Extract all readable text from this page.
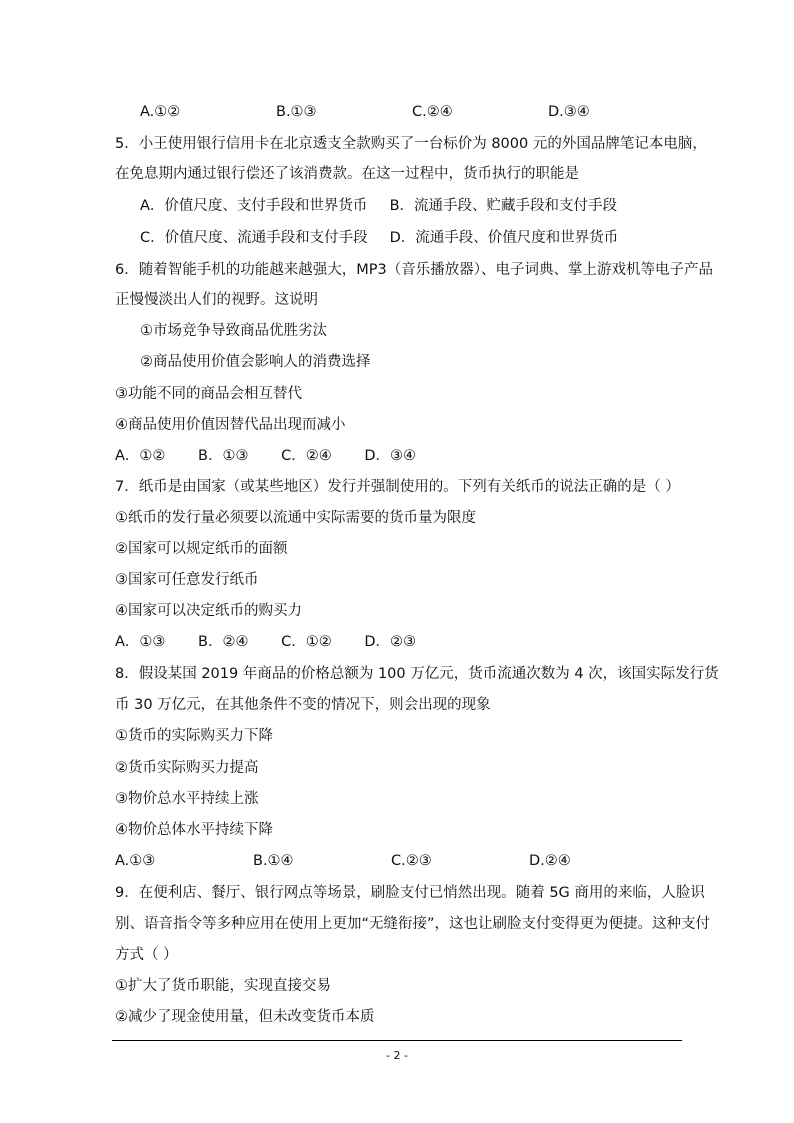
A.①②	B.①③	C.②④	D.③④
5．小王使用银行信用卡在北京透支全款购买了一台标价为 8000 元的外国品牌笔记本电脑，
在免息期内通过银行偿还了该消费款。在这一过程中，货币执行的职能是
A．价值尺度、支付手段和世界货币 B．流通手段、贮藏手段和支付手段
C．价值尺度、流通手段和支付手段 D．流通手段、价值尺度和世界货币
6．随着智能手机的功能越来越强大，MP3（音乐播放器）、电子词典、掌上游戏机等电子产品
正慢慢淡出人们的视野。这说明
①市场竞争导致商品优胜劣汰
②商品使用价值会影响人的消费选择
③功能不同的商品会相互替代
④商品使用价值因替代品出现而减小
A．①② B．①③ C．②④ D．③④
7．纸币是由国家（或某些地区）发行并强制使用的。下列有关纸币的说法正确的是（ ）
①纸币的发行量必须要以流通中实际需要的货币量为限度
②国家可以规定纸币的面额
③国家可任意发行纸币
④国家可以决定纸币的购买力
A．①③ B．②④ C．①② D．②③
8．假设某国 2019 年商品的价格总额为 100 万亿元，货币流通次数为 4 次，该国实际发行货
币 30 万亿元，在其他条件不变的情况下，则会出现的现象
①货币的实际购买力下降
②货币实际购买力提高
③物价总水平持续上涨
④物价总体水平持续下降
A.①③	B.①④	C.②③	D.②④
9．在便利店、餐厅、银行网点等场景，刷脸支付已悄然出现。随着 5G 商用的来临，人脸识
别、语音指令等多种应用在使用上更加“无缝衔接”，这也让刷脸支付变得更为便捷。这种支付
方式（ ）
①扩大了货币职能，实现直接交易
②减少了现金使用量，但未改变货币本质
- 2 -
